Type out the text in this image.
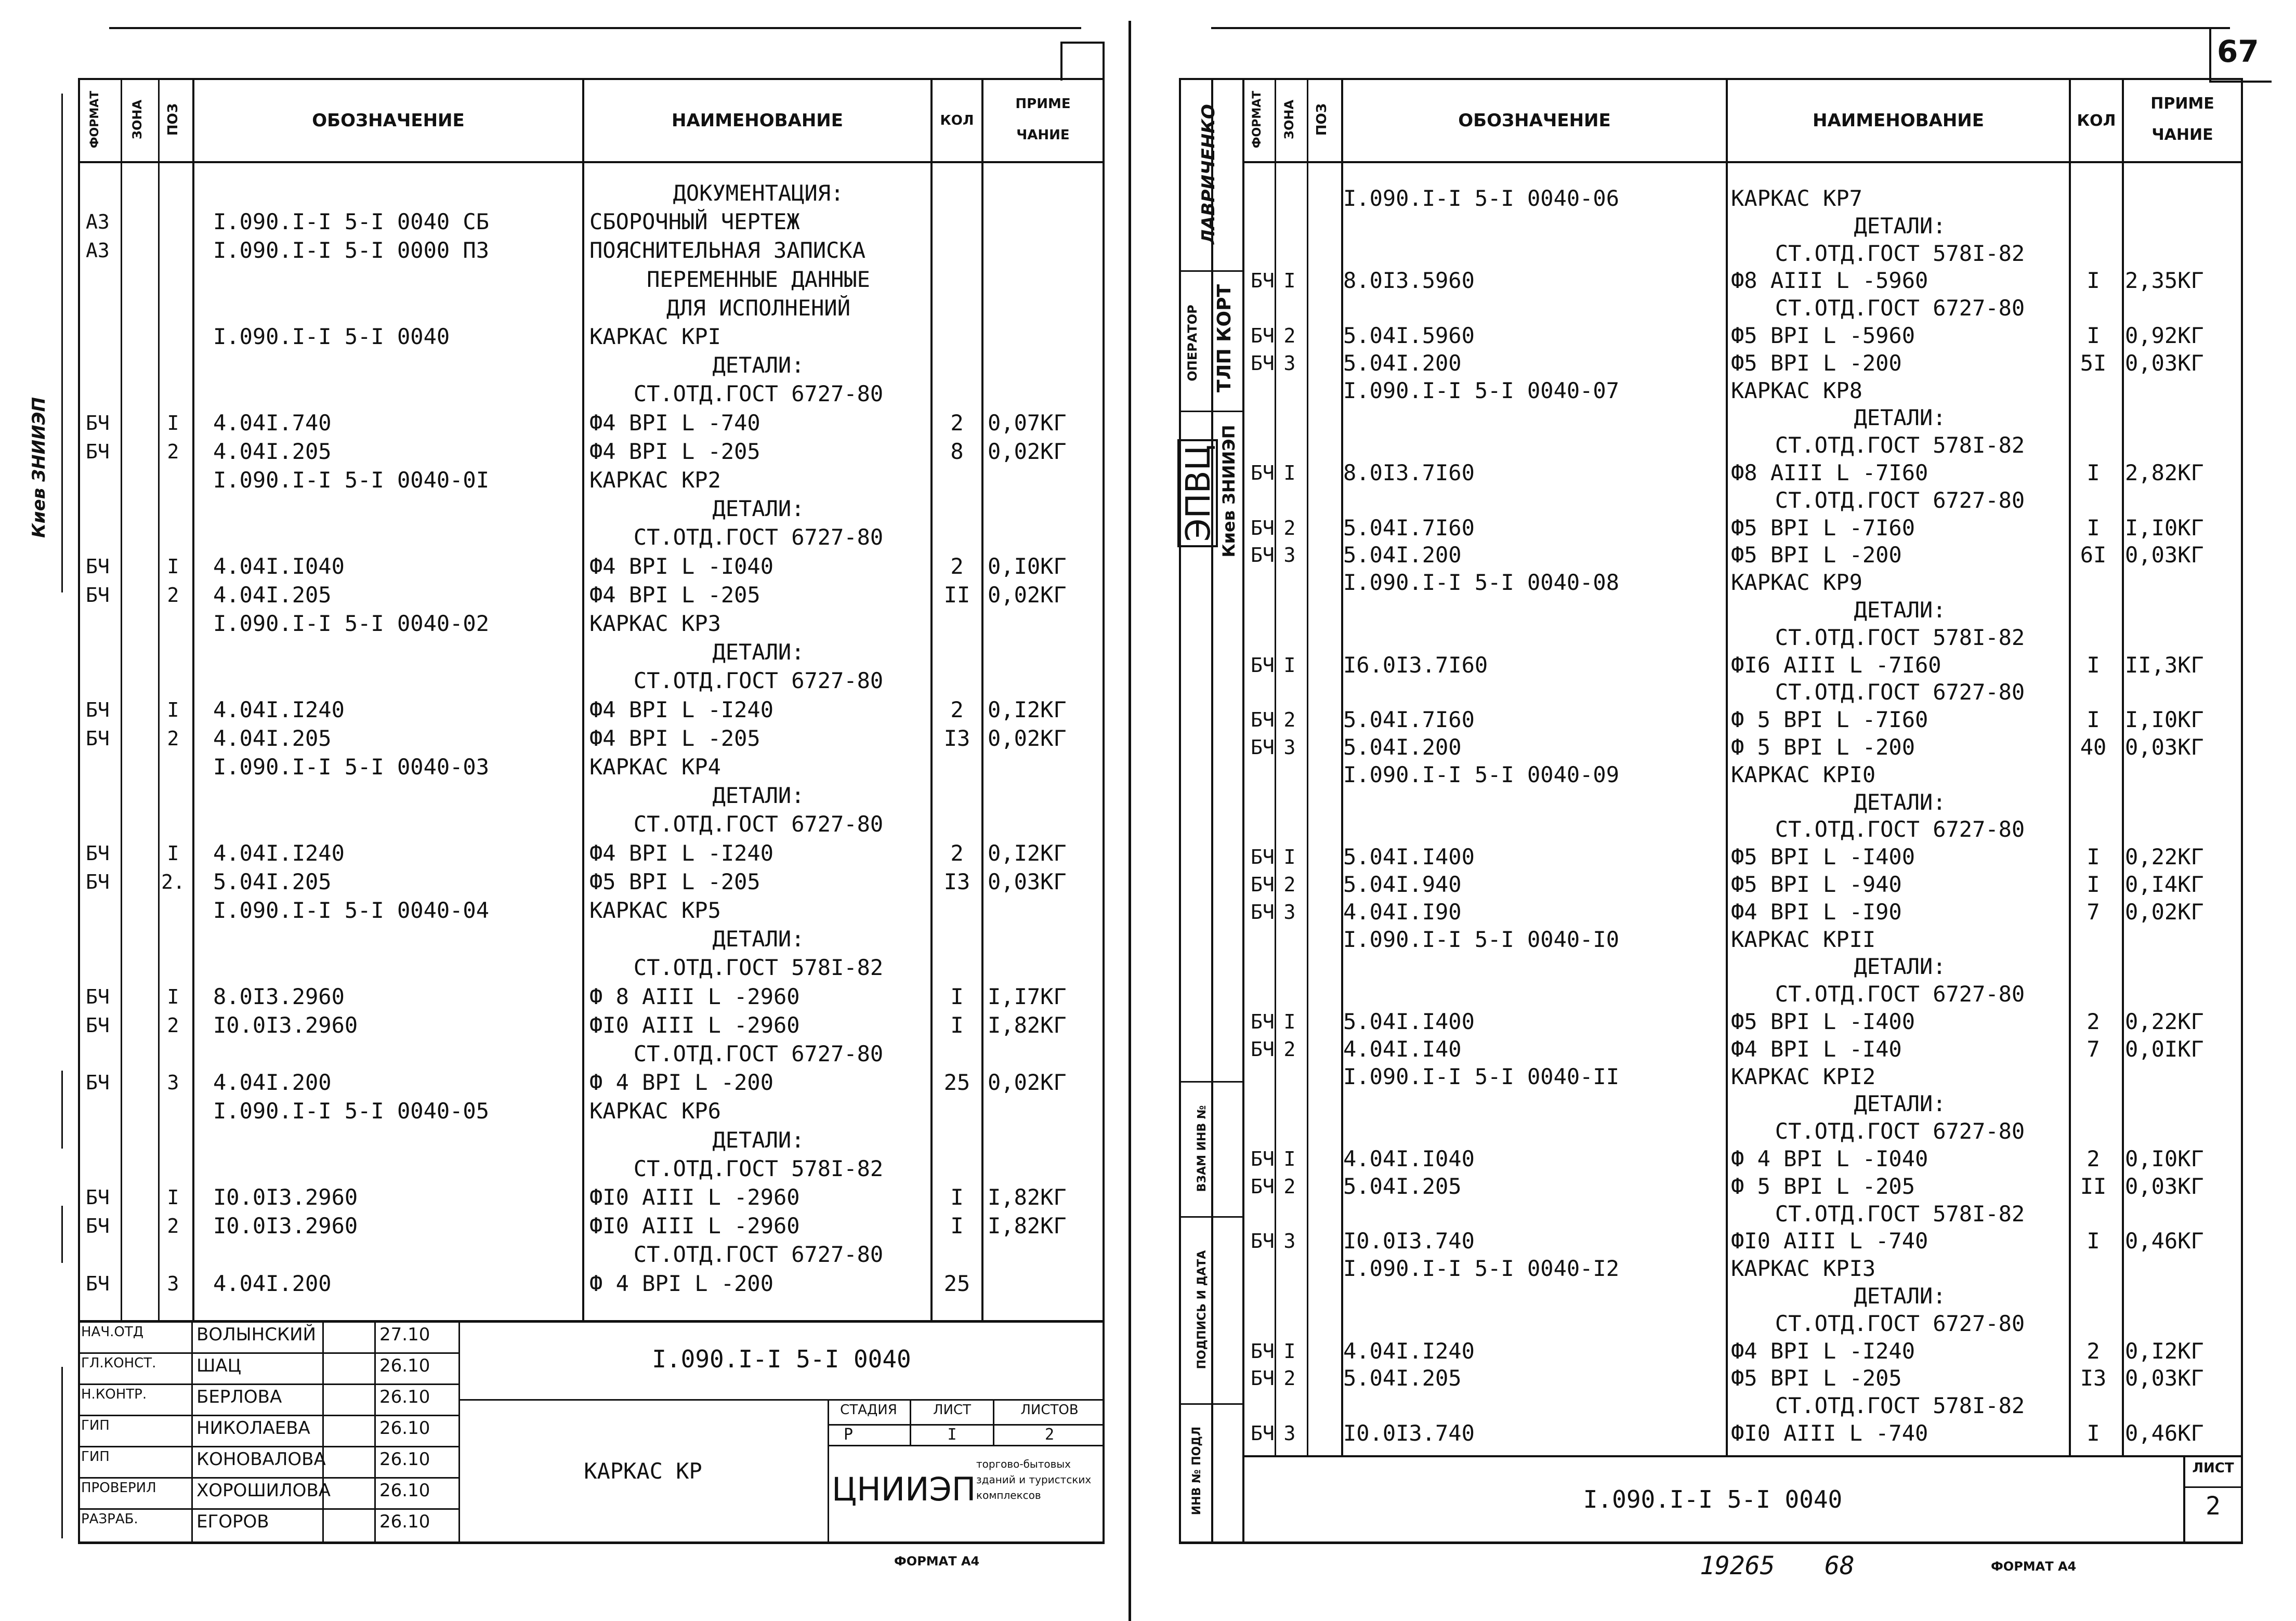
67
ФОРМАТ	ЗОНА	ПОЗ	ОБОЗНАЧЕНИЕ	НАИМЕНОВАНИЕ	КОЛ
ПРИМЕ
ЧАНИЕ
Киев ЗНИИЭП
ДОКУМЕНТАЦИЯ:
А3	I.090.I-I 5-I 0040 СБ	СБОРОЧНЫЙ ЧЕРТЕЖ
А3	I.090.I-I 5-I 0000 ПЗ	ПОЯСНИТЕЛЬНАЯ ЗАПИСКА
ПЕРЕМЕННЫЕ ДАННЫЕ
ДЛЯ ИСПОЛНЕНИЙ
I.090.I-I 5-I 0040	КАРКАС КРI
ДЕТАЛИ:
СТ.ОТД.ГОСТ 6727-80
БЧ	I	4.04I.740	Ф4 ВРI L -740	2	0,07КГ
БЧ	2	4.04I.205	Ф4 ВРI L -205	8	0,02КГ
I.090.I-I 5-I 0040-0I	КАРКАС КР2
ДЕТАЛИ:
СТ.ОТД.ГОСТ 6727-80
БЧ	I	4.04I.I040	Ф4 ВРI L -I040	2	0,I0КГ
БЧ	2	4.04I.205	Ф4 ВРI L -205	II 0,02КГ
I.090.I-I 5-I 0040-02	КАРКАС КР3
ДЕТАЛИ:
СТ.ОТД.ГОСТ 6727-80
БЧ	I	4.04I.I240	Ф4 ВРI L -I240	2	0,I2КГ
БЧ	2	4.04I.205	Ф4 ВРI L -205	I3 0,02КГ
I.090.I-I 5-I 0040-03	КАРКАС КР4
ДЕТАЛИ:
СТ.ОТД.ГОСТ 6727-80
БЧ	I	4.04I.I240	Ф4 ВРI L -I240	2	0,I2КГ
БЧ	2. 5.04I.205	Ф5 ВРI L -205	I3 0,03КГ
I.090.I-I 5-I 0040-04	КАРКАС КР5
ДЕТАЛИ:
СТ.ОТД.ГОСТ 578I-82
БЧ	I	8.0I3.2960	Ф 8 АIII L -2960	I	I,I7КГ
БЧ	2	I0.0I3.2960	ФI0 АIII L -2960	I	I,82КГ
СТ.ОТД.ГОСТ 6727-80
БЧ	3	4.04I.200	Ф 4 ВРI L -200	25 0,02КГ
I.090.I-I 5-I 0040-05	КАРКАС КР6
ДЕТАЛИ:
СТ.ОТД.ГОСТ 578I-82
БЧ	I	I0.0I3.2960	ФI0 АIII L -2960	I	I,82КГ
БЧ	2	I0.0I3.2960	ФI0 АIII L -2960	I	I,82КГ
СТ.ОТД.ГОСТ 6727-80
БЧ	3	4.04I.200	Ф 4 ВРI L -200	25
НАЧ.ОТД	ВОЛЫНСКИЙ	27.10
ГЛ.КОНСТ.	ШАЦ	26.10
Н.КОНТР.	БЕРЛОВА	26.10
ГИП	НИКОЛАЕВА	26.10
ГИП	КОНОВАЛОВА	26.10
ПРОВЕРИЛ	ХОРОШИЛОВА	26.10
РАЗРАБ.	ЕГОРОВ	26.10
I.090.I-I 5-I 0040
КАРКАС КР
СТАДИЯ	ЛИСТ	ЛИСТОВ
Р	I	2
ЦНИИЭП
торгово-бытовых зданий и туристских комплексов
ФОРМАТ А4
ФОРМАТ	ЗОНА	ПОЗ	ОБОЗНАЧЕНИЕ	НАИМЕНОВАНИЕ	КОЛ
ПРИМЕ
ЧАНИЕ
ЛАВРИЧЕНКО
ОПЕРАТОР ТЛП КОРТ
ЭПВЦ Киев ЗНИИЭП
ВЗАМ ИНВ №
ПОДПИСЬ И ДАТА
ИНВ № ПОДЛ
I.090.I-I 5-I 0040-06	КАРКАС КР7
ДЕТАЛИ:
СТ.ОТД.ГОСТ 578I-82
БЧ I	8.0I3.5960	Ф8 АIII L -5960	I	2,35КГ
СТ.ОТД.ГОСТ 6727-80
БЧ 2	5.04I.5960	Ф5 ВРI L -5960	I	0,92КГ
БЧ 3	5.04I.200	Ф5 ВРI L -200	5I 0,03КГ
I.090.I-I 5-I 0040-07	КАРКАС КР8
ДЕТАЛИ:
СТ.ОТД.ГОСТ 578I-82
БЧ I	8.0I3.7I60	Ф8 АIII L -7I60	I	2,82КГ
СТ.ОТД.ГОСТ 6727-80
БЧ 2	5.04I.7I60	Ф5 ВРI L -7I60	I	I,I0КГ
БЧ 3	5.04I.200	Ф5 ВРI L -200	6I 0,03КГ
I.090.I-I 5-I 0040-08	КАРКАС КР9
ДЕТАЛИ:
СТ.ОТД.ГОСТ 578I-82
БЧ I	I6.0I3.7I60	ФI6 АIII L -7I60	I	II,3КГ
СТ.ОТД.ГОСТ 6727-80
БЧ 2	5.04I.7I60	Ф 5 ВРI L -7I60	I	I,I0КГ
БЧ 3	5.04I.200	Ф 5 ВРI L -200	40 0,03КГ
I.090.I-I 5-I 0040-09	КАРКАС КРI0
ДЕТАЛИ:
СТ.ОТД.ГОСТ 6727-80
БЧ I	5.04I.I400	Ф5 ВРI L -I400	I	0,22КГ
БЧ 2	5.04I.940	Ф5 ВРI L -940	I	0,I4КГ
БЧ 3	4.04I.I90	Ф4 ВРI L -I90	7	0,02КГ
I.090.I-I 5-I 0040-I0	КАРКАС КРII
ДЕТАЛИ:
СТ.ОТД.ГОСТ 6727-80
БЧ I	5.04I.I400	Ф5 ВРI L -I400	2	0,22КГ
БЧ 2	4.04I.I40	Ф4 ВРI L -I40	7	0,0IКГ
I.090.I-I 5-I 0040-II	КАРКАС КРI2
ДЕТАЛИ:
СТ.ОТД.ГОСТ 6727-80
БЧ I	4.04I.I040	Ф 4 ВРI L -I040	2	0,I0КГ
БЧ 2	5.04I.205	Ф 5 ВРI L -205	II 0,03КГ
СТ.ОТД.ГОСТ 578I-82
БЧ 3	I0.0I3.740	ФI0 АIII L -740	I	0,46КГ
I.090.I-I 5-I 0040-I2	КАРКАС КРI3
ДЕТАЛИ:
СТ.ОТД.ГОСТ 6727-80
БЧ I	4.04I.I240	Ф4 ВРI L -I240	2	0,I2КГ
БЧ 2	5.04I.205	Ф5 ВРI L -205	I3 0,03КГ
СТ.ОТД.ГОСТ 578I-82
БЧ 3	I0.0I3.740	ФI0 АIII L -740	I	0,46КГ
I.090.I-I 5-I 0040
ЛИСТ
2
19265	68	ФОРМАТ А4
